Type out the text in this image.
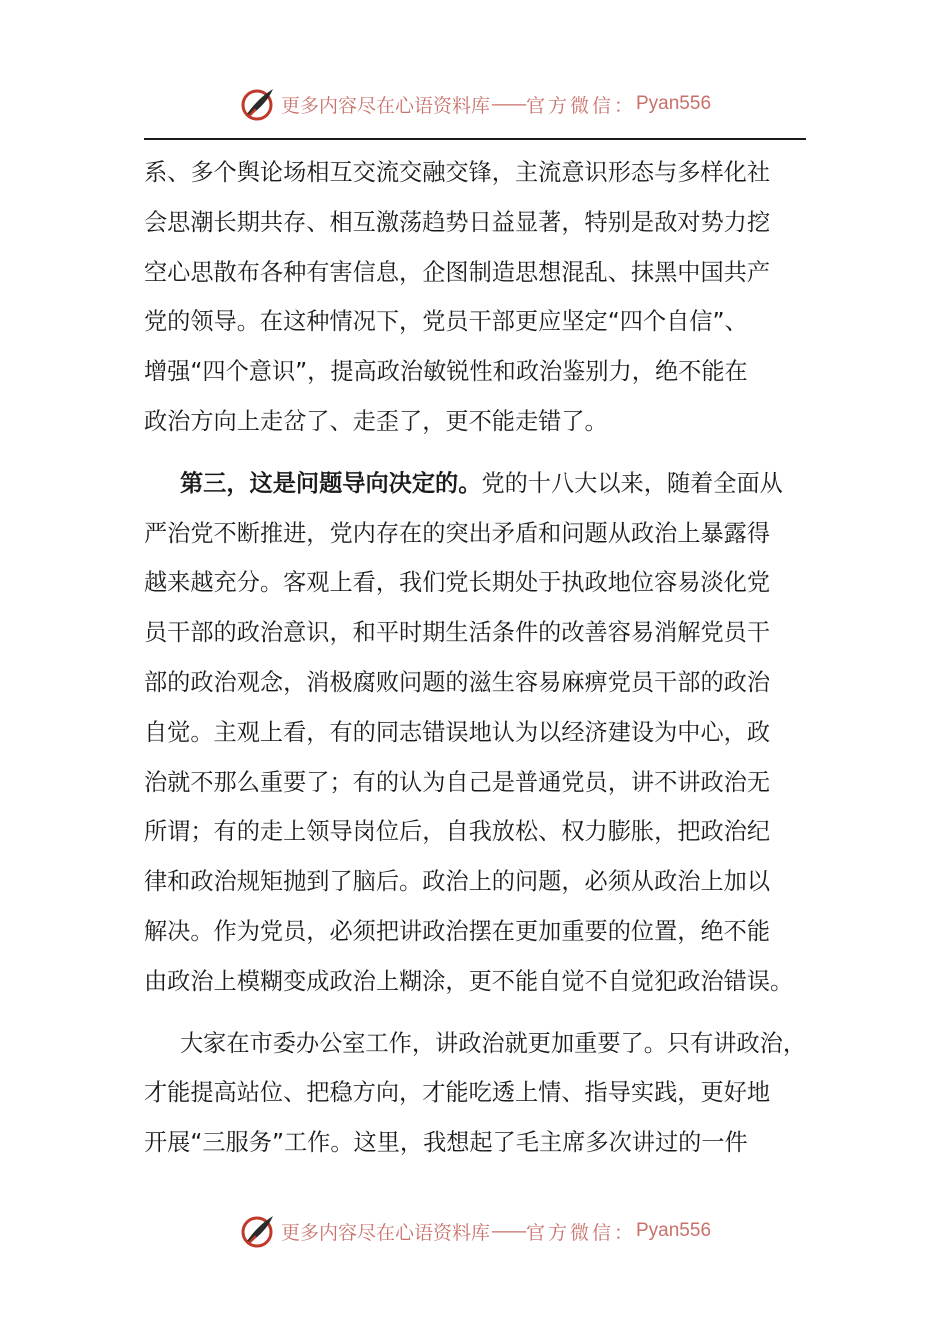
更多内容尽在心语资料库 —— 官方微信： Pyan556
系、多个舆论场相互交流交融交锋，主流意识形态与多样化社
会思潮长期共存、相互激荡趋势日益显著，特别是敌对势力挖
空心思散布各种有害信息，企图制造思想混乱、抹黑中国共产
党的领导。在这种情况下，党员干部更应坚定“四个自信”、
增强“四个意识”，提高政治敏锐性和政治鉴别力，绝不能在
政治方向上走岔了、走歪了，更不能走错了。
第三，这是问题导向决定的。党的十八大以来，随着全面从
严治党不断推进，党内存在的突出矛盾和问题从政治上暴露得
越来越充分。客观上看，我们党长期处于执政地位容易淡化党
员干部的政治意识，和平时期生活条件的改善容易消解党员干
部的政治观念，消极腐败问题的滋生容易麻痹党员干部的政治
自觉。主观上看，有的同志错误地认为以经济建设为中心，政
治就不那么重要了；有的认为自己是普通党员，讲不讲政治无
所谓；有的走上领导岗位后，自我放松、权力膨胀，把政治纪
律和政治规矩抛到了脑后。政治上的问题，必须从政治上加以
解决。作为党员，必须把讲政治摆在更加重要的位置，绝不能
由政治上模糊变成政治上糊涂，更不能自觉不自觉犯政治错误。
大家在市委办公室工作，讲政治就更加重要了。只有讲政治，
才能提高站位、把稳方向，才能吃透上情、指导实践，更好地
开展“三服务”工作。这里，我想起了毛主席多次讲过的一件
更多内容尽在心语资料库 —— 官方微信： Pyan556
